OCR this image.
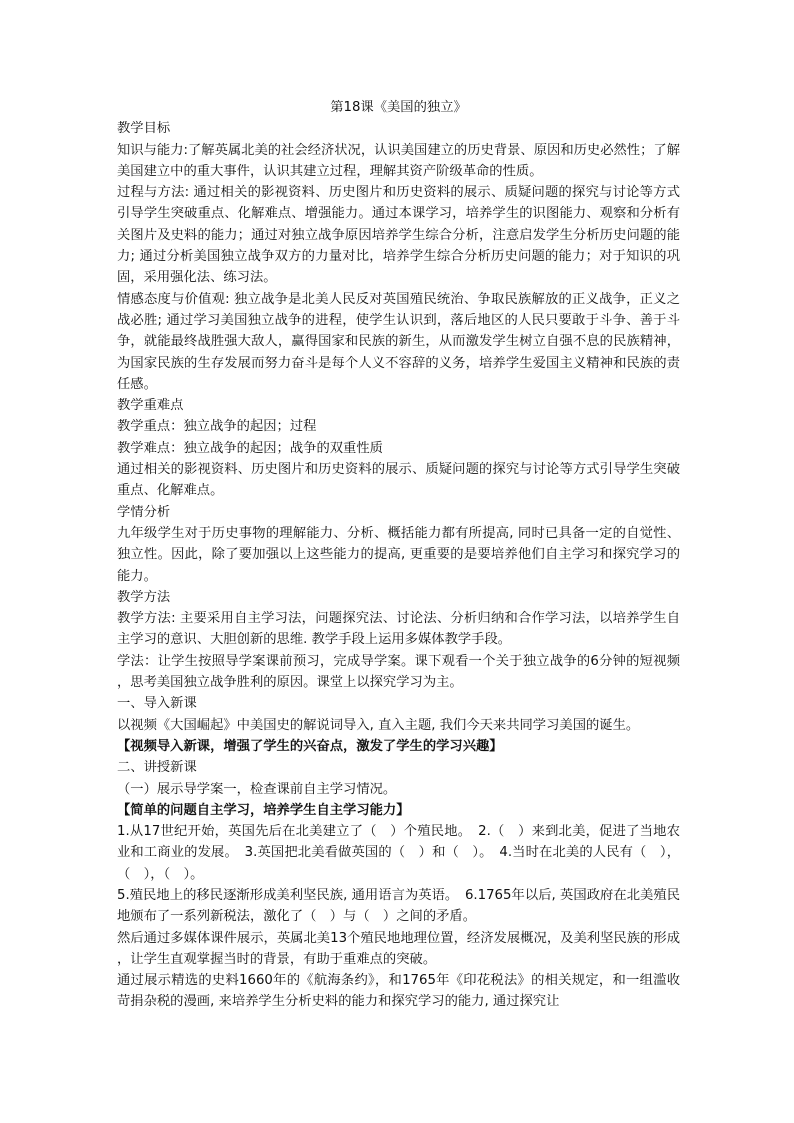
第18课《美国的独立》

教学目标

知识与能力:了解英属北美的社会经济状况，认识美国建立的历史背景、原因和历史必然性；了解美国建立中的重大事件，认识其建立过程，理解其资产阶级革命的性质。

过程与方法: 通过相关的影视资料、历史图片和历史资料的展示、质疑问题的探究与讨论等方式引导学生突破重点、化解难点、增强能力。通过本课学习，培养学生的识图能力、观察和分析有关图片及史料的能力；通过对独立战争原因培养学生综合分析，注意启发学生分析历史问题的能力; 通过分析美国独立战争双方的力量对比，培养学生综合分析历史问题的能力；对于知识的巩固，采用强化法、练习法。

情感态度与价值观: 独立战争是北美人民反对英国殖民统治、争取民族解放的正义战争，正义之战必胜; 通过学习美国独立战争的进程，使学生认识到，落后地区的人民只要敢于斗争、善于斗争，就能最终战胜强大敌人，赢得国家和民族的新生，从而激发学生树立自强不息的民族精神，为国家民族的生存发展而努力奋斗是每个人义不容辞的义务，培养学生爱国主义精神和民族的责任感。

教学重难点

教学重点：独立战争的起因；过程

教学难点：独立战争的起因；战争的双重性质

通过相关的影视资料、历史图片和历史资料的展示、质疑问题的探究与讨论等方式引导学生突破重点、化解难点。

学情分析

九年级学生对于历史事物的理解能力、分析、概括能力都有所提高, 同时已具备一定的自觉性、独立性。因此，除了要加强以上这些能力的提高, 更重要的是要培养他们自主学习和探究学习的能力。

教学方法

教学方法: 主要采用自主学习法，问题探究法、讨论法、分析归纳和合作学习法，以培养学生自主学习的意识、大胆创新的思维. 教学手段上运用多媒体教学手段。

学法：让学生按照导学案课前预习，完成导学案。课下观看一个关于独立战争的6分钟的短视频，思考美国独立战争胜利的原因。课堂上以探究学习为主。

一、导入新课

以视频《大国崛起》中美国史的解说词导入, 直入主题, 我们今天来共同学习美国的诞生。

【视频导入新课，增强了学生的兴奋点，激发了学生的学习兴趣】

二、讲授新课

（一）展示导学案一，检查课前自主学习情况。

【简单的问题自主学习，培养学生自主学习能力】

1.从17世纪开始，英国先后在北美建立了（　）个殖民地。　2.（　）来到北美，促进了当地农业和工商业的发展。　3.英国把北美看做英国的（　）和（　）。　4.当时在北美的人民有（　），（　），（　）。

5.殖民地上的移民逐渐形成美利坚民族, 通用语言为英语。　6.1765年以后, 英国政府在北美殖民地颁布了一系列新税法，激化了（　）与（　）之间的矛盾。

然后通过多媒体课件展示，英属北美13个殖民地地理位置，经济发展概况，及美利坚民族的形成，让学生直观掌握当时的背景，有助于重难点的突破。

通过展示精选的史料1660年的《航海条约》，和1765年《印花税法》的相关规定，和一组滥收苛捐杂税的漫画, 来培养学生分析史料的能力和探究学习的能力, 通过探究让
